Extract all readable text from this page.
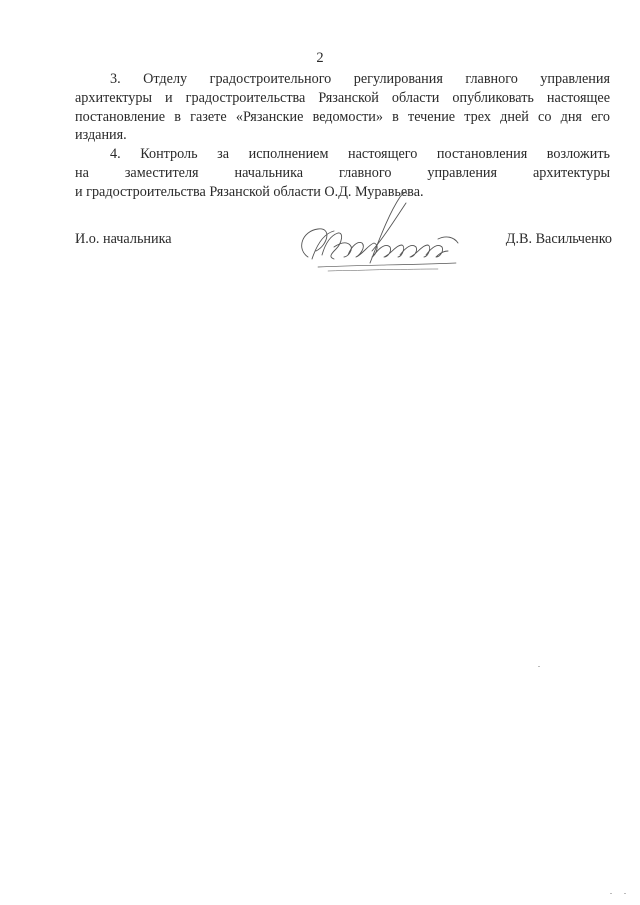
2
3. Отделу градостроительного регулирования главного управления
архитектуры и градостроительства Рязанской области опубликовать настоящее
постановление в газете «Рязанские ведомости» в течение трех дней со дня его
издания.
4. Контроль за исполнением настоящего постановления возложить
на заместителя начальника главного управления архитектуры
и градостроительства Рязанской области О.Д. Муравьева.
И.о. начальника	Д.В. Васильченко
